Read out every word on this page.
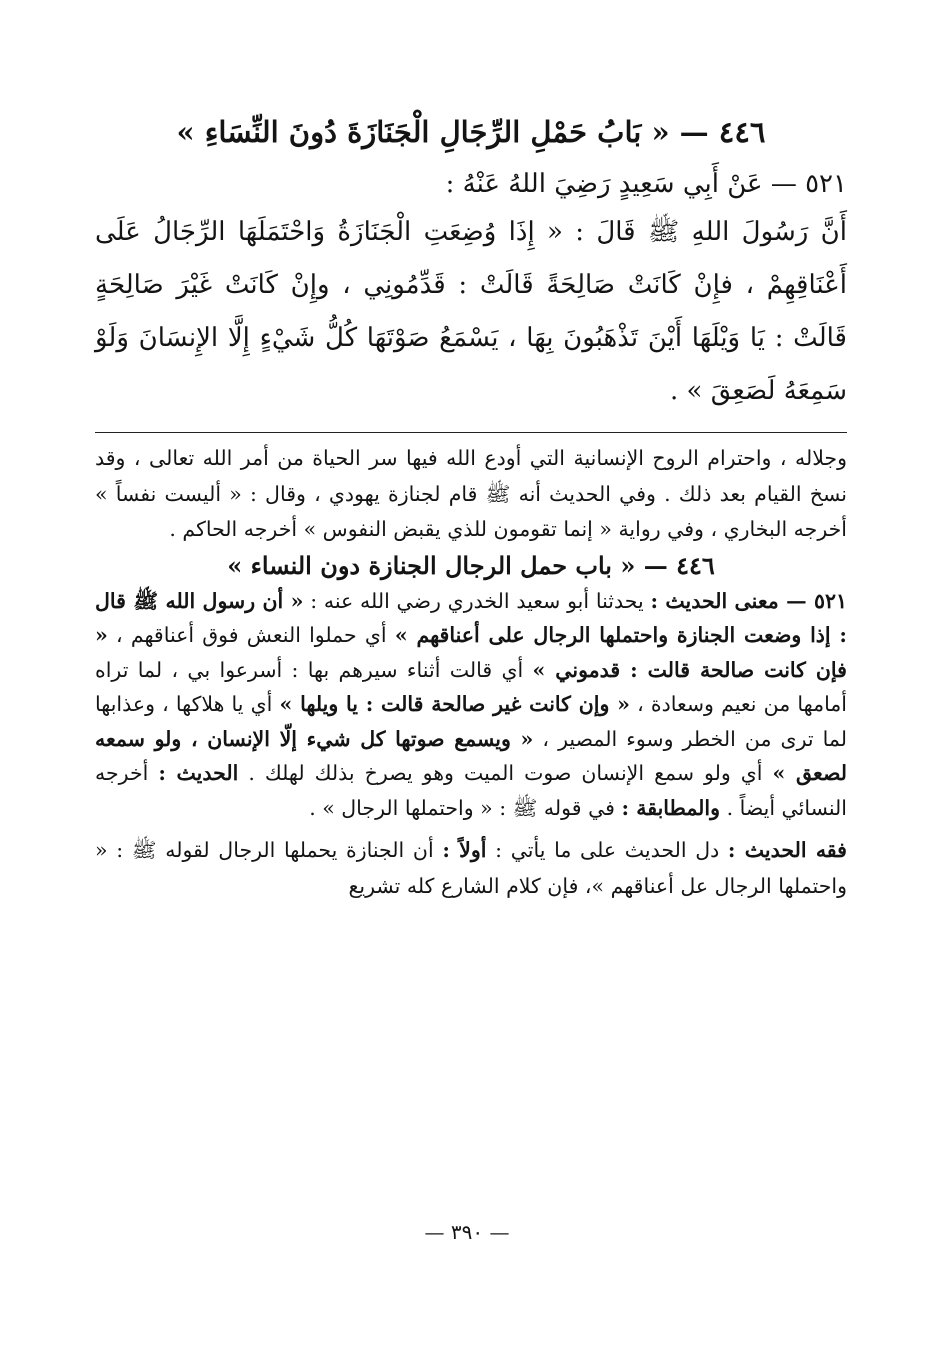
٤٤٦ — « بَابُ حَمْلِ الرِّجَالِ الْجَنَازَةَ دُونَ النِّسَاءِ »

٥٢١ — عَنْ أَبِي سَعِيدٍ رَضِيَ اللهُ عَنْهُ :

أَنَّ رَسُولَ اللهِ ﷺ قَالَ : « إِذَا وُضِعَتِ الْجَنَازَةُ وَاحْتَمَلَهَا الرِّجَالُ عَلَى أَعْنَاقِهِمْ ، فإِنْ كَانَتْ صَالِحَةً قَالَتْ : قَدِّمُونِي ، وإِنْ كَانَتْ غَيْرَ صَالِحَةٍ قَالَتْ : يَا وَيْلَهَا أَيْنَ تَذْهَبُونَ بِهَا ، يَسْمَعُ صَوْتَهَا كُلُّ شَيْءٍ إِلَّا الإِنسَانَ وَلَوْ سَمِعَهُ لَصَعِقَ » .

وجلاله ، واحترام الروح الإنسانية التي أودع الله فيها سر الحياة من أمر الله تعالى ، وقد نسخ القيام بعد ذلك . وفي الحديث أنه ﷺ قام لجنازة يهودي ، وقال : « أليست نفساً » أخرجه البخاري ، وفي رواية « إنما تقومون للذي يقبض النفوس » أخرجه الحاكم .

٤٤٦ — « باب حمل الرجال الجنازة دون النساء »

٥٢١ — معنى الحديث : يحدثنا أبو سعيد الخدري رضي الله عنه : « أن رسول الله ﷺ قال : إذا وضعت الجنازة واحتملها الرجال على أعناقهم » أي حملوا النعش فوق أعناقهم ، « فإن كانت صالحة قالت : قدموني » أي قالت أثناء سيرهم بها : أسرعوا بي ، لما تراه أمامها من نعيم وسعادة ، « وإن كانت غير صالحة قالت : يا ويلها » أي يا هلاكها ، وعذابها لما ترى من الخطر وسوء المصير ، « ويسمع صوتها كل شيء إلّا الإنسان ، ولو سمعه لصعق » أي ولو سمع الإنسان صوت الميت وهو يصرخ بذلك لهلك . الحديث : أخرجه النسائي أيضاً . والمطابقة : في قوله ﷺ : « واحتملها الرجال » .

فقه الحديث : دل الحديث على ما يأتي : أولاً : أن الجنازة يحملها الرجال لقوله ﷺ : « واحتملها الرجال عل أعناقهم »، فإن كلام الشارع كله تشريع

— ٣٩٠ —
